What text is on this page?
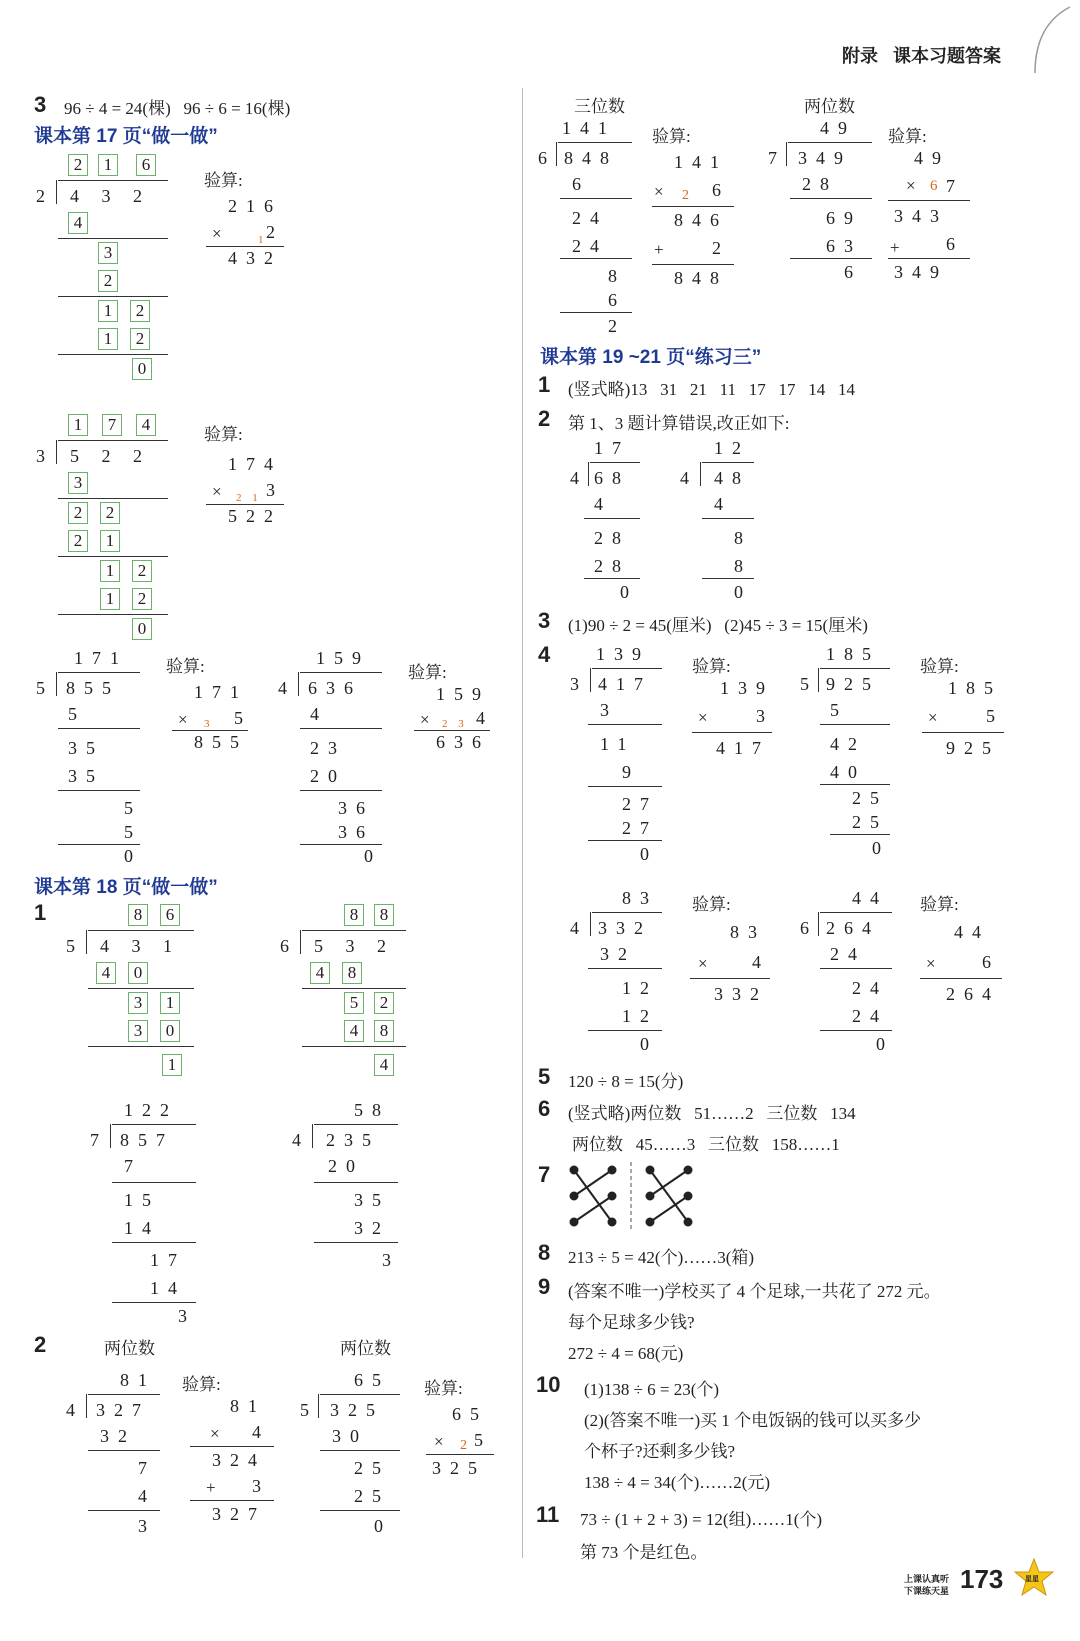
附录 课本习题答案
3 96 ÷ 4 = 24(棵)   96 ÷ 6 = 16(棵)
课本第 17 页“做一做”
2	1	6
2 4 3 2
4
3
2
1	2
1	2
0
验算:
216
×	1 2
432
1	7	4
3 5 2 2
3
2	2
2	1
1	2
1	2
0
验算:
174
× 2 1 3
522
171
5 855
5
35
35
5
5
0
验算:
171
× 3 5
855
159
4 636
4
23
20
36
36
0
验算:
159
× 2 3 4
636
课本第 18 页“做一做”
1	8	6
5 4 3 1
4	0
3	1
3	0
1
8	8
6 5 3 2
4	8
5	2
4	8
4
122
7 857
7
15
14
17
14
3
58
4 235
20
35
32
3
2	两位数	两位数
81
4 327
32
7
4
3
验算:
81
× 4
324
+ 3
327
65
5 325
30
25
25
0
验算:
65
× 2 5
325
三位数	两位数
141
6 848
6
24
24
8
6
2
验算:
141
× 2 6
846
+	2
848
49
7 349
28
69
63
6
验算:
49
× 6 7
343
+	6
349
课本第 19 ~21 页“练习三”
1 (竖式略)13   31   21   11   17   17   14   14
2 第 1、3 题计算错误,改正如下:
17
4 68
4
28
28
0
12
4 48
4
8
8
0
3 (1)90 ÷ 2 = 45(厘米)   (2)45 ÷ 3 = 15(厘米)
4	139
3 417
3
11
9
27
27
0
验算:
139
×	3
417
185
5 925
5
42
40
25
25
0
验算:
185
×	5
925
83
4 332
32
12
12
0
验算:
83
× 4
332
44
6 264
24
24
24
0
验算:
44
×	6
264
5 120 ÷ 8 = 15(分)
6 (竖式略)两位数   51……2   三位数   134
两位数   45……3   三位数   158……1
7
8 213 ÷ 5 = 42(个)……3(箱)
9 (答案不唯一)学校买了 4 个足球,一共花了 272 元。
每个足球多少钱?
272 ÷ 4 = 68(元)
10 (1)138 ÷ 6 = 23(个)
(2)(答案不唯一)买 1 个电饭锅的钱可以买多少
个杯子?还剩多少钱?
138 ÷ 4 = 34(个)……2(元)
11 73 ÷ (1 + 2 + 3) = 12(组)……1(个)
第 73 个是红色。
上课认真听
下课练天星 173	星星
